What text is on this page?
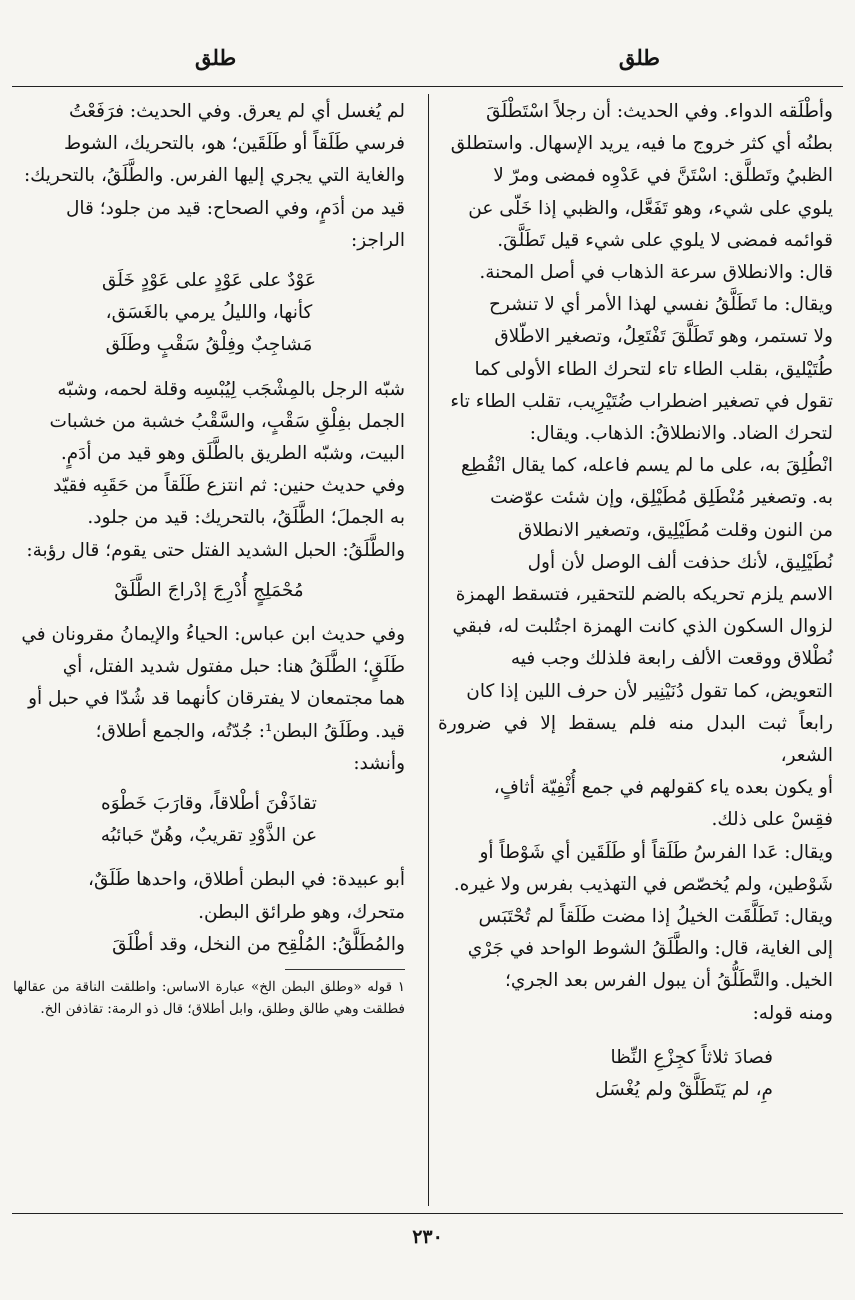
طلق
طلق

وأطْلَقه الدواء. وفي الحديث: أن رجلاً اسْتَطْلَقَ

بطنُه أي كثر خروج ما فيه، يريد الإسهال. واستطلق

الظبيُ وتَطلَّق: اسْتَنَّ في عَدْوِه فمضى ومرّ لا

يلوي على شيء، وهو تَفَعَّل، والظبي إذا خَلّى عن

قوائمه فمضى لا يلوي على شيء قيل تَطَلَّقَ.

قال: والانطلاق سرعة الذهاب في أصل المحنة.

ويقال: ما تَطَلَّقُ نفسي لهذا الأمر أي لا تنشرح

ولا تستمر، وهو تَطَلَّقَ تَفْتَعِلُ، وتصغير الاطّلاق

طُتَيْليق، بقلب الطاء تاء لتحرك الطاء الأولى كما

تقول في تصغير اضطراب ضُتَيْرِيب، تقلب الطاء تاء

لتحرك الضاد. والانطلاقُ: الذهاب. ويقال:

انْطُلِقَ به، على ما لم يسم فاعله، كما يقال انْقُطِع

به. وتصغير مُنْطَلِق مُطَيْلِق، وإن شئت عوّضت

من النون وقلت مُطَيْلِيق، وتصغير الانطلاق

نُطَيْلِيق، لأنك حذفت ألف الوصل لأن أول

الاسم يلزم تحريكه بالضم للتحقير، فتسقط الهمزة

لزوال السكون الذي كانت الهمزة اجتُلبت له، فبقي

نُطْلاق ووقعت الألف رابعة فلذلك وجب فيه

التعويض، كما تقول دُنَيْنِير لأن حرف اللين إذا كان

رابعاً ثبت البدل منه فلم يسقط إلا في ضرورة الشعر،

أو يكون بعده ياء كقولهم في جمع أُثْفِيّة أثافٍ،

فقِسْ على ذلك.

ويقال: عَدا الفرسُ طَلَقاً أو طَلَقَين أي شَوْطاً أو

شَوْطين، ولم يُخصّص في التهذيب بفرس ولا غيره.

ويقال: تَطَلَّقَت الخيلُ إذا مضت طَلَقاً لم تُحْتَبَس

إلى الغاية، قال: والطَّلَقُ الشوط الواحد في جَرْي

الخيل. والتَّطَلُّقُ أن يبول الفرس بعد الجري؛

ومنه قوله:

فصادَ ثلاثاً كجِزْعِ النِّظا

مِ، لم يَتَطَلَّقْ ولم يُغْسَل

لم يُغسل أي لم يعرق. وفي الحديث: فرَفَعْتُ

فرسي طَلَقاً أو طَلَقَين؛ هو، بالتحريك، الشوط

والغاية التي يجري إليها الفرس. والطَّلَقُ، بالتحريك:

قيد من أدَمٍ، وفي الصحاح: قيد من جلود؛ قال

الراجز:

عَوْدٌ على عَوْدٍ على عَوْدٍ خَلَق

كأنها، والليلُ يرمي بالغَسَق،

مَشاجِبٌ وفِلْقُ سَقْبٍ وطَلَق

شبّه الرجل بالمِشْجَب لِيُبْسِه وقلة لحمه، وشبّه

الجمل بفِلْقِ سَقْبٍ، والسَّقْبُ خشبة من خشبات

البيت، وشبّه الطريق بالطَّلَق وهو قيد من أدَمٍ.

وفي حديث حنين: ثم انتزع طَلَقاً من حَقَبِه فقيّد

به الجملَ؛ الطَّلَقُ، بالتحريك: قيد من جلود.

والطَّلَقُ: الحبل الشديد الفتل حتى يقوم؛ قال رؤبة:

مُحْمَلِجٍ أُدْرِجَ إدْراجَ الطَّلَقْ

وفي حديث ابن عباس: الحياءُ والإيمانُ مقرونان في

طَلَقٍ؛ الطَّلَقُ هنا: حبل مفتول شديد الفتل، أي

هما مجتمعان لا يفترقان كأنهما قد شُدّا في حبل أو

قيد. وطَلَقُ البطن¹: جُدّتُه، والجمع أطلاق؛

وأنشد:

تقاذَفْنَ أطْلاقاً، وقارَبَ خَطْوَه

عن الذَّوْدِ تقريبٌ، وهُنّ حَبائبُه

أبو عبيدة: في البطن أطلاق، واحدها طَلَقٌ،

متحرك، وهو طرائق البطن.

والمُطَلَّقُ: المُلْقِح من النخل، وقد أطْلَقَ

١ قوله «وطلق البطن الخ» عبارة الاساس: واطلقت الناقة من عقالها فطلقت وهي طالق وطلق، وابل أطلاق؛ قال ذو الرمة: تقاذفن الخ.

٢٣٠
